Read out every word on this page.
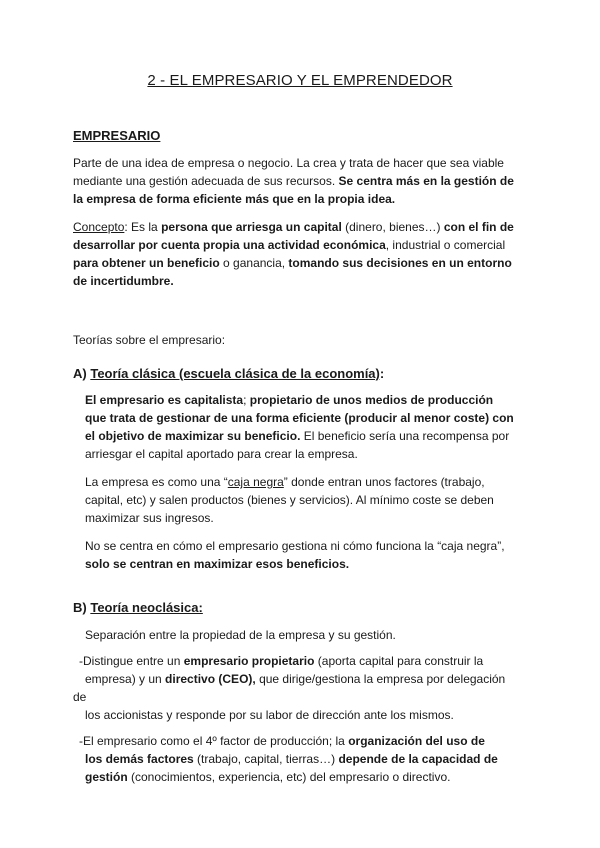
2 - EL EMPRESARIO Y EL EMPRENDEDOR
EMPRESARIO
Parte de una idea de empresa o negocio. La crea y trata de hacer que sea viable
mediante una gestión adecuada de sus recursos. Se centra más en la gestión de
la empresa de forma eficiente más que en la propia idea.
Concepto: Es la persona que arriesga un capital (dinero, bienes…) con el fin de
desarrollar por cuenta propia una actividad económica, industrial o comercial
para obtener un beneficio o ganancia, tomando sus decisiones en un entorno
de incertidumbre.
Teorías sobre el empresario:
A) Teoría clásica (escuela clásica de la economía):
El empresario es capitalista; propietario de unos medios de producción
que trata de gestionar de una forma eficiente (producir al menor coste) con
el objetivo de maximizar su beneficio. El beneficio sería una recompensa por
arriesgar el capital aportado para crear la empresa.
La empresa es como una “caja negra” donde entran unos factores (trabajo,
capital, etc) y salen productos (bienes y servicios). Al mínimo coste se deben
maximizar sus ingresos.
No se centra en cómo el empresario gestiona ni cómo funciona la “caja negra”,
solo se centran en maximizar esos beneficios.
B) Teoría neoclásica:
Separación entre la propiedad de la empresa y su gestión.
-Distingue entre un empresario propietario (aporta capital para construir la
empresa) y un directivo (CEO), que dirige/gestiona la empresa por delegación
de
los accionistas y responde por su labor de dirección ante los mismos.
-El empresario como el 4º factor de producción; la organización del uso de
los demás factores (trabajo, capital, tierras…) depende de la capacidad de
gestión (conocimientos, experiencia, etc) del empresario o directivo.
